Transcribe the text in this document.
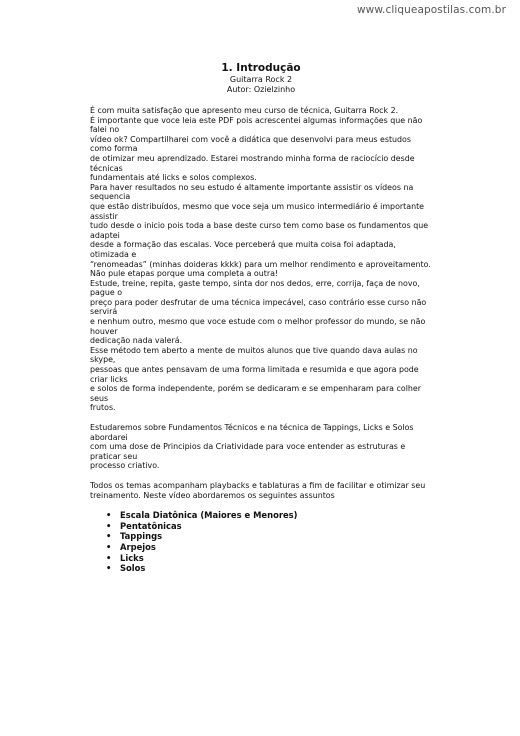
www.cliqueapostilas.com.br
1. Introdução
Guitarra Rock 2
Autor: Ozielzinho

É com muita satisfação que apresento meu curso de técnica, Guitarra Rock 2.

É importante que voce leia este PDF pois acrescentei algumas informações que não falei no

vídeo ok? Compartilharei com você a didática que desenvolvi para meus estudos como forma

de otimizar meu aprendizado. Estarei mostrando minha forma de raciocício desde técnicas

fundamentais até licks e solos complexos.

Para haver resultados no seu estudo é altamente importante assistir os vídeos na sequencia

que estão distribuídos, mesmo que voce seja um musico intermediário é importante assistir

tudo desde o inicio pois toda a base deste curso tem como base os fundamentos que adaptei

desde a formação das escalas. Voce perceberá que muita coisa foi adaptada, otimizada e

“renomeadas” (minhas doideras kkkk) para um melhor rendimento e aproveitamento.

Não pule etapas porque uma completa a outra!

Estude, treine, repita, gaste tempo, sinta dor nos dedos, erre, corrija, faça de novo, pague o

preço para poder desfrutar de uma técnica impecável, caso contrário esse curso não servirá

e nenhum outro, mesmo que voce estude com o melhor professor do mundo, se não houver

dedicação nada valerá.

Esse método tem aberto a mente de muitos alunos que tive quando dava aulas no skype,

pessoas que antes pensavam de uma forma limitada e resumida e que agora pode criar licks

e solos de forma independente, porém se dedicaram e se empenharam para colher seus

frutos.

Estudaremos sobre Fundamentos Técnicos e na técnica de Tappings, Licks e Solos abordarei

com uma dose de Principios da Criatividade para voce entender as estruturas e praticar seu

processo criativo.

Todos os temas acompanham playbacks e tablaturas a fim de facilitar e otimizar seu

treinamento. Neste vídeo abordaremos os seguintes assuntos

• Escala Diatônica (Maiores e Menores)
• Pentatônicas
• Tappings
• Arpejos
• Licks
• Solos
